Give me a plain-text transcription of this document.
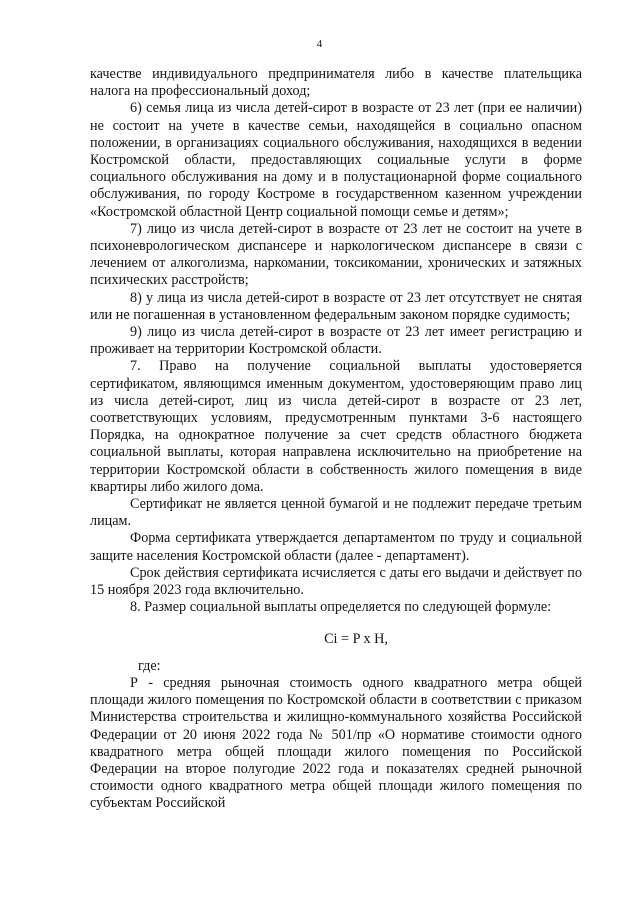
4

качестве индивидуального предпринимателя либо в качестве плательщика налога на профессиональный доход;

6) семья лица из числа детей-сирот в возрасте от 23 лет (при ее наличии) не состоит на учете в качестве семьи, находящейся в социально опасном положении, в организациях социального обслуживания, находящихся в ведении Костромской области, предоставляющих социальные услуги в форме социального обслуживания на дому и в полустационарной форме социального обслуживания, по городу Костроме в государственном казенном учреждении «Костромской областной Центр социальной помощи семье и детям»;

7) лицо из числа детей-сирот в возрасте от 23 лет не состоит на учете в психоневрологическом диспансере и наркологическом диспансере в связи с лечением от алкоголизма, наркомании, токсикомании, хронических и затяжных психических расстройств;

8) у лица из числа детей-сирот в возрасте от 23 лет отсутствует не снятая или не погашенная в установленном федеральным законом порядке судимость;

9) лицо из числа детей-сирот в возрасте от 23 лет имеет регистрацию и проживает на территории Костромской области.

7. Право на получение социальной выплаты удостоверяется сертификатом, являющимся именным документом, удостоверяющим право лиц из числа детей-сирот, лиц из числа детей-сирот в возрасте от 23 лет, соответствующих условиям, предусмотренным пунктами 3-6 настоящего Порядка, на однократное получение за счет средств областного бюджета социальной выплаты, которая направлена исключительно на приобретение на территории Костромской области в собственность жилого помещения в виде квартиры либо жилого дома.

Сертификат не является ценной бумагой и не подлежит передаче третьим лицам.

Форма сертификата утверждается департаментом по труду и социальной защите населения Костромской области (далее - департамент).

Срок действия сертификата исчисляется с даты его выдачи и действует по 15 ноября 2023 года включительно.

8. Размер социальной выплаты определяется по следующей формуле:

Ci = P x H,

где:

Р - средняя рыночная стоимость одного квадратного метра общей площади жилого помещения по Костромской области в соответствии с приказом Министерства строительства и жилищно-коммунального хозяйства Российской Федерации от 20 июня 2022 года № 501/пр «О нормативе стоимости одного квадратного метра общей площади жилого помещения по Российской Федерации на второе полугодие 2022 года и показателях средней рыночной стоимости одного квадратного метра общей площади жилого помещения по субъектам Российской
